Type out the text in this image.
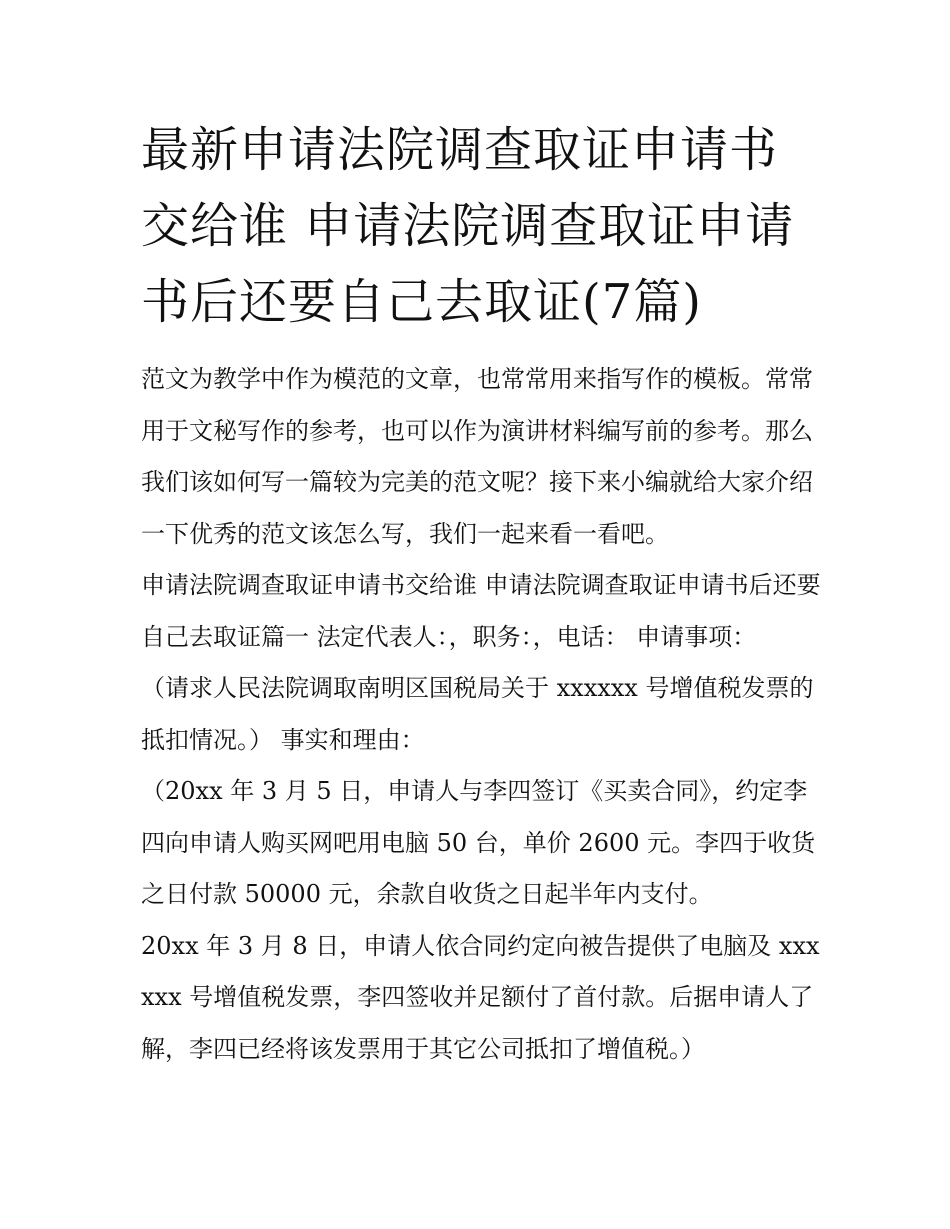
最新申请法院调查取证申请书交给谁 申请法院调查取证申请书后还要自己去取证(7篇)

范文为教学中作为模范的文章，也常常用来指写作的模板。常常用于文秘写作的参考，也可以作为演讲材料编写前的参考。那么我们该如何写一篇较为完美的范文呢？接下来小编就给大家介绍一下优秀的范文该怎么写，我们一起来看一看吧。

申请法院调查取证申请书交给谁 申请法院调查取证申请书后还要自己去取证篇一 法定代表人：，职务：，电话： 申请事项：

（请求人民法院调取南明区国税局关于 xxxxxx 号增值税发票的抵扣情况。） 事实和理由：

（20xx 年 3 月 5 日，申请人与李四签订《买卖合同》，约定李四向申请人购买网吧用电脑 50 台，单价 2600 元。李四于收货之日付款 50000 元，余款自收货之日起半年内支付。

20xx 年 3 月 8 日，申请人依合同约定向被告提供了电脑及 xxxxxx 号增值税发票，李四签收并足额付了首付款。后据申请人了解，李四已经将该发票用于其它公司抵扣了增值税。）
